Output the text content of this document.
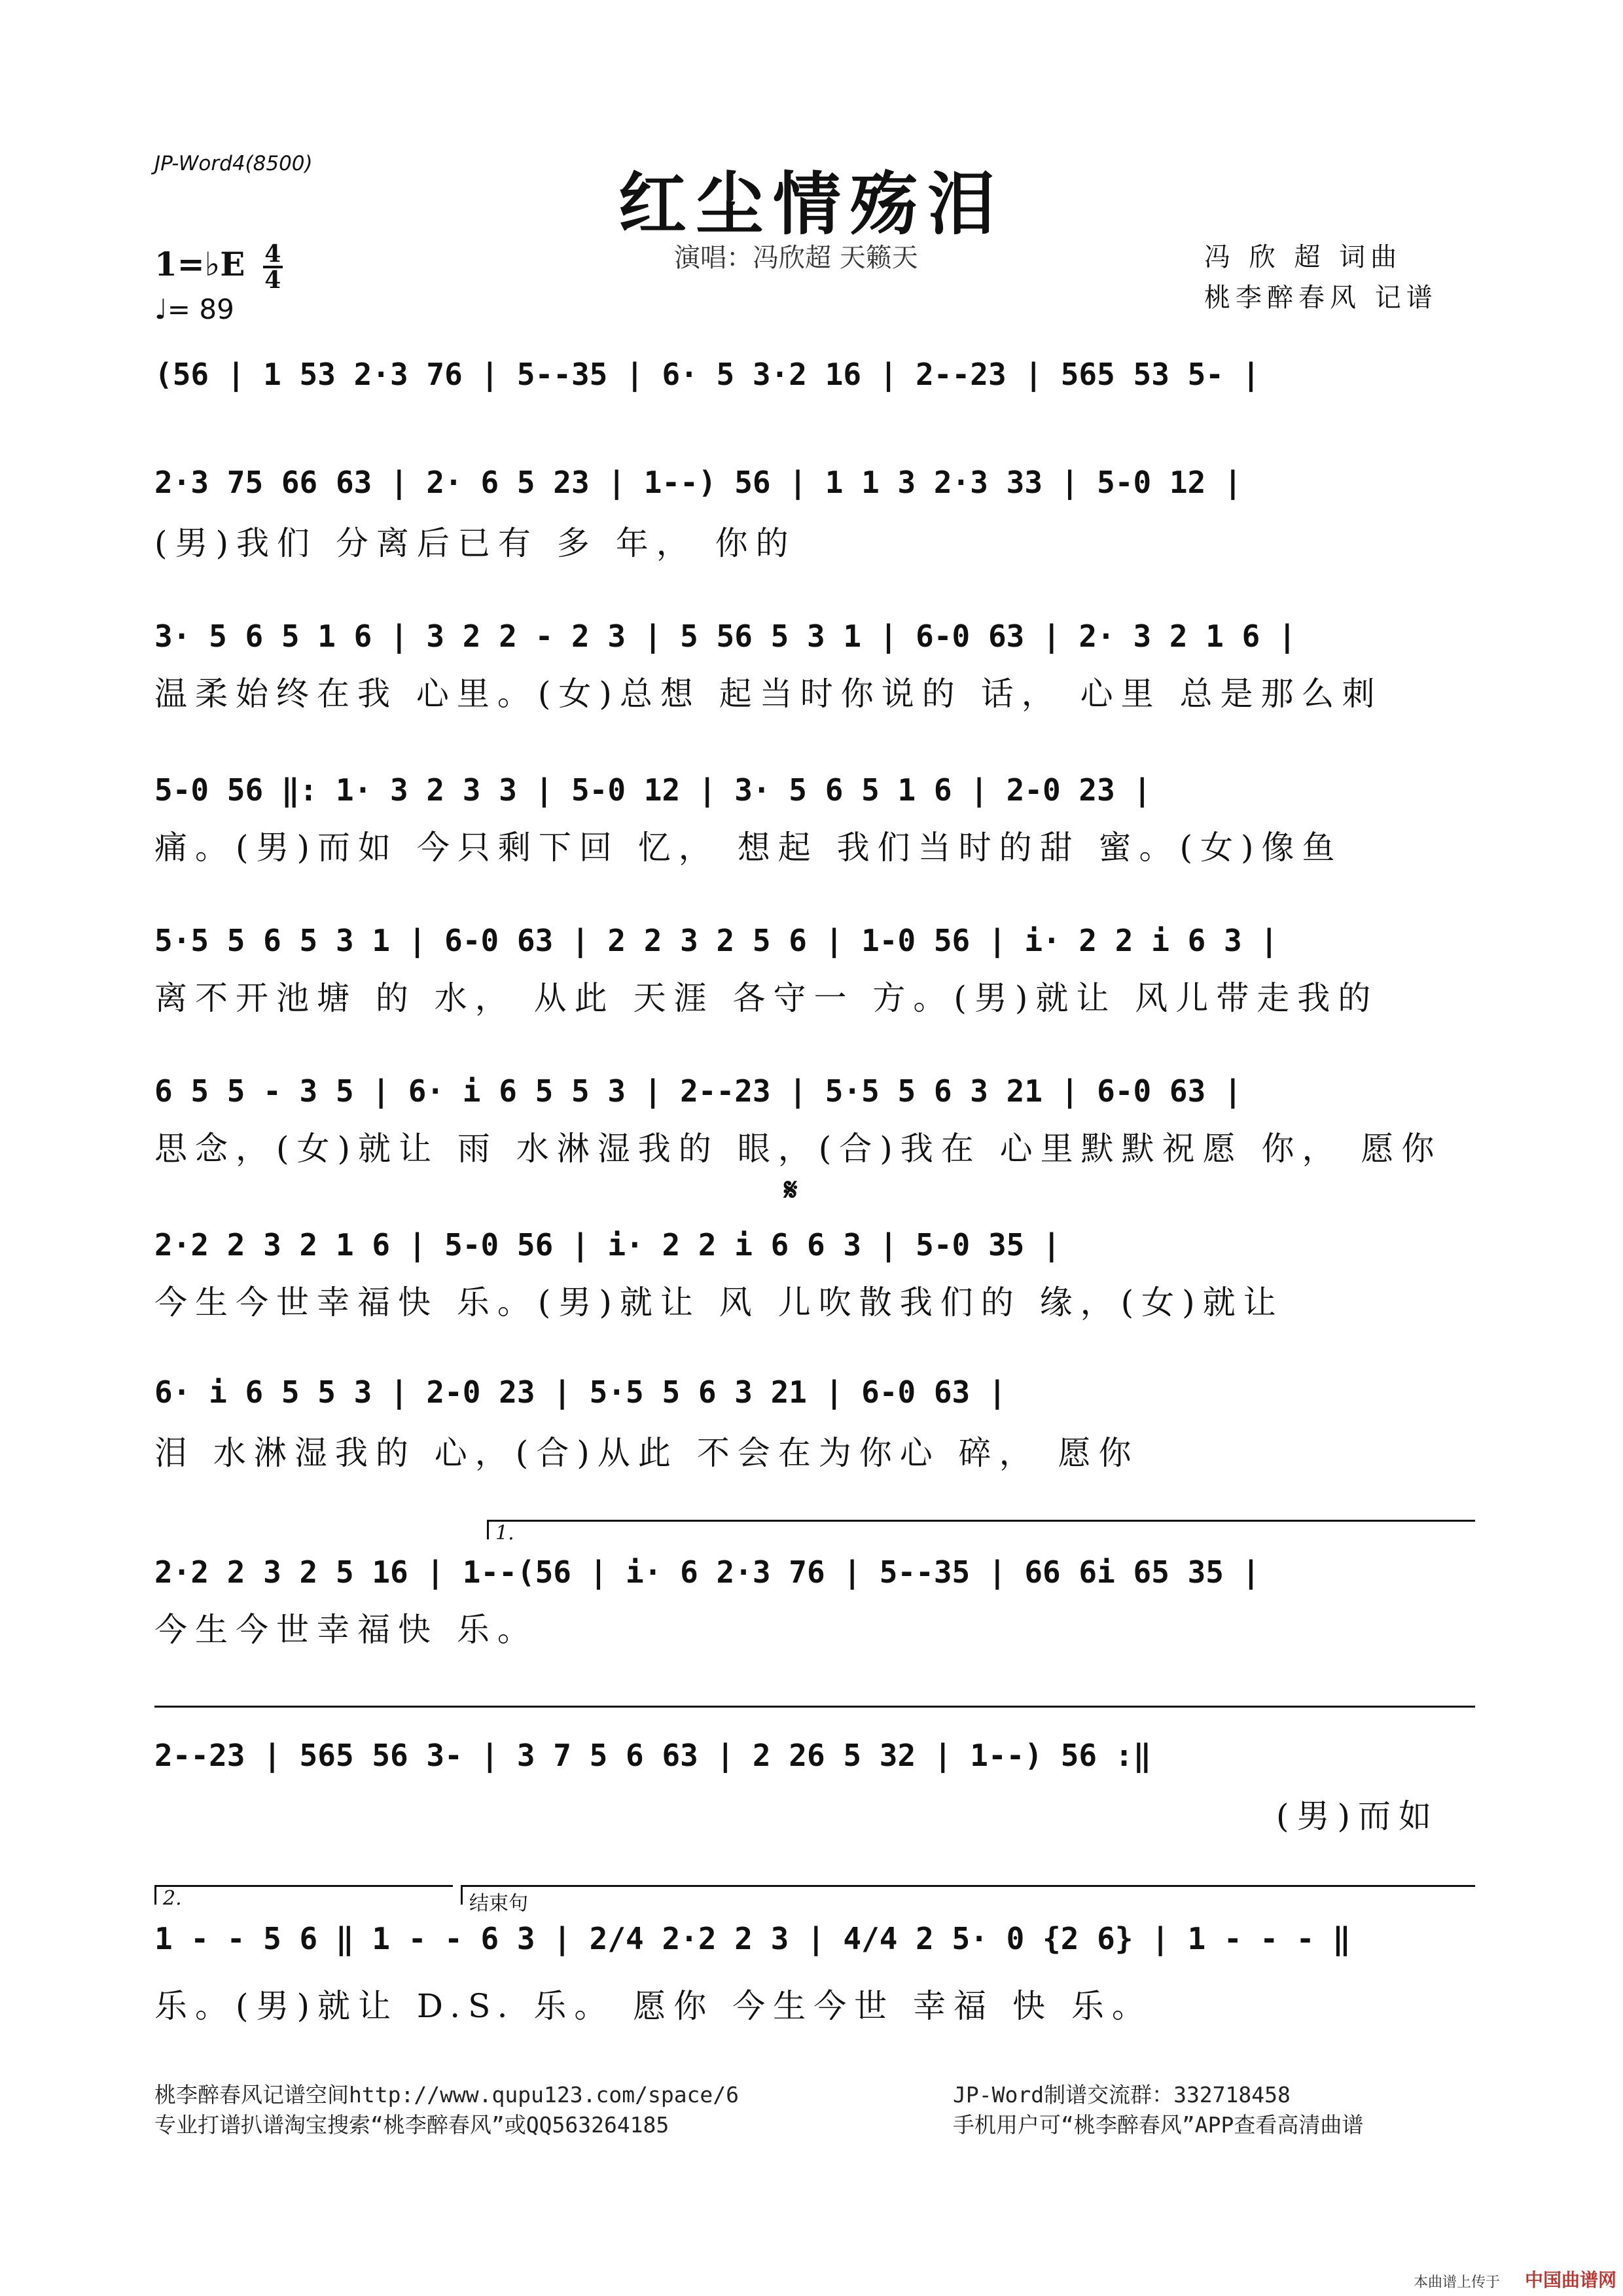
JP-Word4(8500)	红尘情殇泪
1=♭E $\frac{4}{4}$
♩= 89
演唱：冯欣超 天籁天	冯 欣 超 词曲
桃李醉春风 记谱
𝄋
1.
2.	结束句
(56 | 1 53 2·3 76 | 5--35 | 6· 5 3·2 16 | 2--23 | 565 53 5- |
2·3 75 66 63 | 2· 6 5 23 | 1--) 56 | 1 1 3 2·3 33 | 5-0 12 |
(男)我们 分离后已有 多 年， 你的
3· 5 6 5 1 6 | 3 2 2 - 2 3 | 5 56 5 3 1 | 6-0 63 | 2· 3 2 1 6 |
温柔始终在我 心里。(女)总想 起当时你说的 话， 心里 总是那么刺
5-0 56 ‖: 1· 3 2 3 3 | 5-0 12 | 3· 5 6 5 1 6 | 2-0 23 |
痛。(男)而如 今只剩下回 忆， 想起 我们当时的甜 蜜。(女)像鱼
5·5 5 6 5 3 1 | 6-0 63 | 2 2 3 2 5 6 | 1-0 56 | i· 2 2 i 6 3 |
离不开池塘 的 水， 从此 天涯 各守一 方。(男)就让 风儿带走我的
6 5 5 - 3 5 | 6· i 6 5 5 3 | 2--23 | 5·5 5 6 3 21 | 6-0 63 |
思念，(女)就让 雨 水淋湿我的 眼，(合)我在 心里默默祝愿 你， 愿你
2·2 2 3 2 1 6 | 5-0 56 | i· 2 2 i 6 6 3 | 5-0 35 |
今生今世幸福快 乐。(男)就让 风 儿吹散我们的 缘，(女)就让
6· i 6 5 5 3 | 2-0 23 | 5·5 5 6 3 21 | 6-0 63 |
泪 水淋湿我的 心，(合)从此 不会在为你心 碎， 愿你
2·2 2 3 2 5 16 | 1--(56 | i· 6 2·3 76 | 5--35 | 66 6i 65 35 |
今生今世幸福快 乐。
2--23 | 565 56 3- | 3 7 5 6 63 | 2 26 5 32 | 1--) 56 :‖
(男)而如
1 - - 5 6 ‖ 1 - - 6 3 | 2/4 2·2 2 3 | 4/4 2 5· 0 {2 6} | 1 - - - ‖
乐。(男)就让 D.S. 乐。 愿你 今生今世 幸福 快 乐。
桃李醉春风记谱空间http://www.qupu123.com/space/6
专业打谱扒谱淘宝搜索“桃李醉春风”或QQ563264185
JP-Word制谱交流群：332718458
手机用户可“桃李醉春风”APP查看高清曲谱
本曲谱上传于 中国曲谱网
